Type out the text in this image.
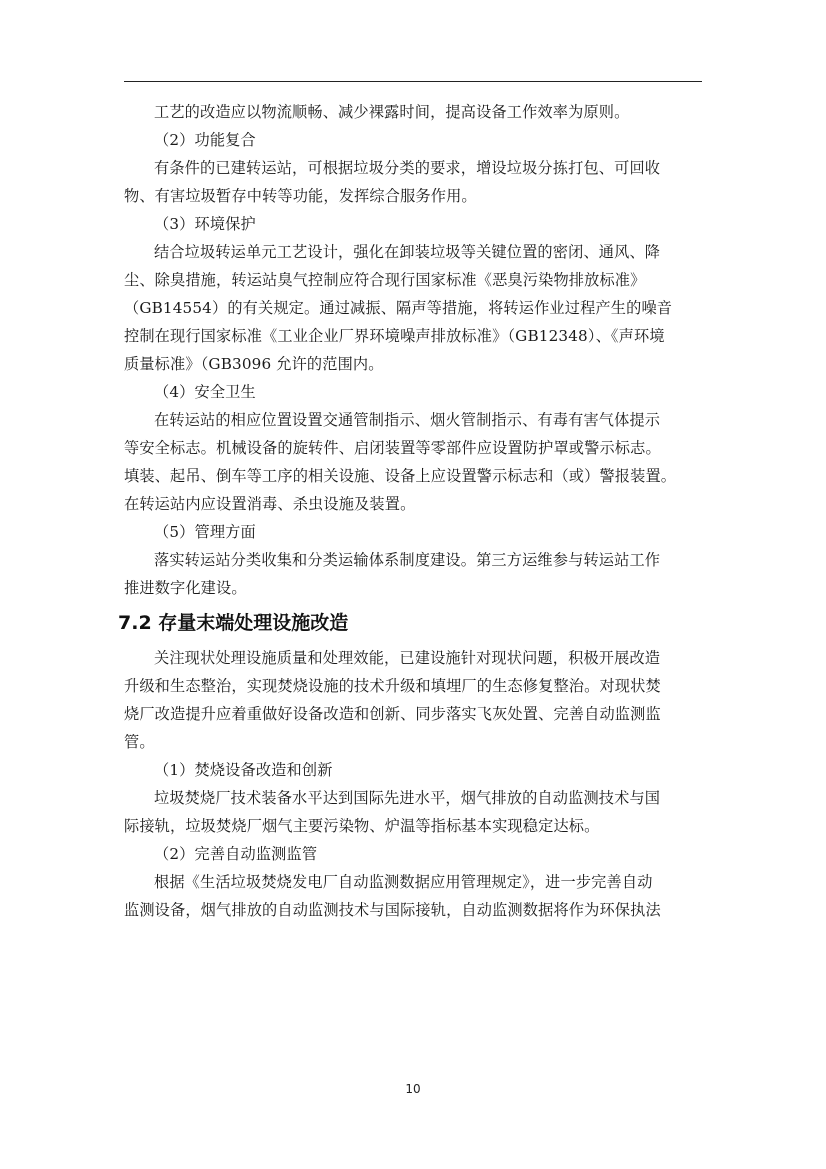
工艺的改造应以物流顺畅、减少裸露时间，提高设备工作效率为原则。

（2）功能复合

有条件的已建转运站，可根据垃圾分类的要求，增设垃圾分拣打包、可回收
物、有害垃圾暂存中转等功能，发挥综合服务作用。

（3）环境保护

结合垃圾转运单元工艺设计，强化在卸装垃圾等关键位置的密闭、通风、降
尘、除臭措施，转运站臭气控制应符合现行国家标准《恶臭污染物排放标准》
（GB14554）的有关规定。通过减振、隔声等措施，将转运作业过程产生的噪音
控制在现行国家标准《工业企业厂界环境噪声排放标准》（GB12348）、《声环境
质量标准》（GB3096 允许的范围内。

（4）安全卫生

在转运站的相应位置设置交通管制指示、烟火管制指示、有毒有害气体提示
等安全标志。机械设备的旋转件、启闭装置等零部件应设置防护罩或警示标志。
填装、起吊、倒车等工序的相关设施、设备上应设置警示标志和（或）警报装置。
在转运站内应设置消毒、杀虫设施及装置。

（5）管理方面

落实转运站分类收集和分类运输体系制度建设。第三方运维参与转运站工作
推进数字化建设。

7.2 存量末端处理设施改造

关注现状处理设施质量和处理效能，已建设施针对现状问题，积极开展改造
升级和生态整治，实现焚烧设施的技术升级和填埋厂的生态修复整治。对现状焚
烧厂改造提升应着重做好设备改造和创新、同步落实飞灰处置、完善自动监测监
管。

（1）焚烧设备改造和创新

垃圾焚烧厂技术装备水平达到国际先进水平，烟气排放的自动监测技术与国
际接轨，垃圾焚烧厂烟气主要污染物、炉温等指标基本实现稳定达标。

（2）完善自动监测监管

根据《生活垃圾焚烧发电厂自动监测数据应用管理规定》，进一步完善自动
监测设备，烟气排放的自动监测技术与国际接轨，自动监测数据将作为环保执法

10
